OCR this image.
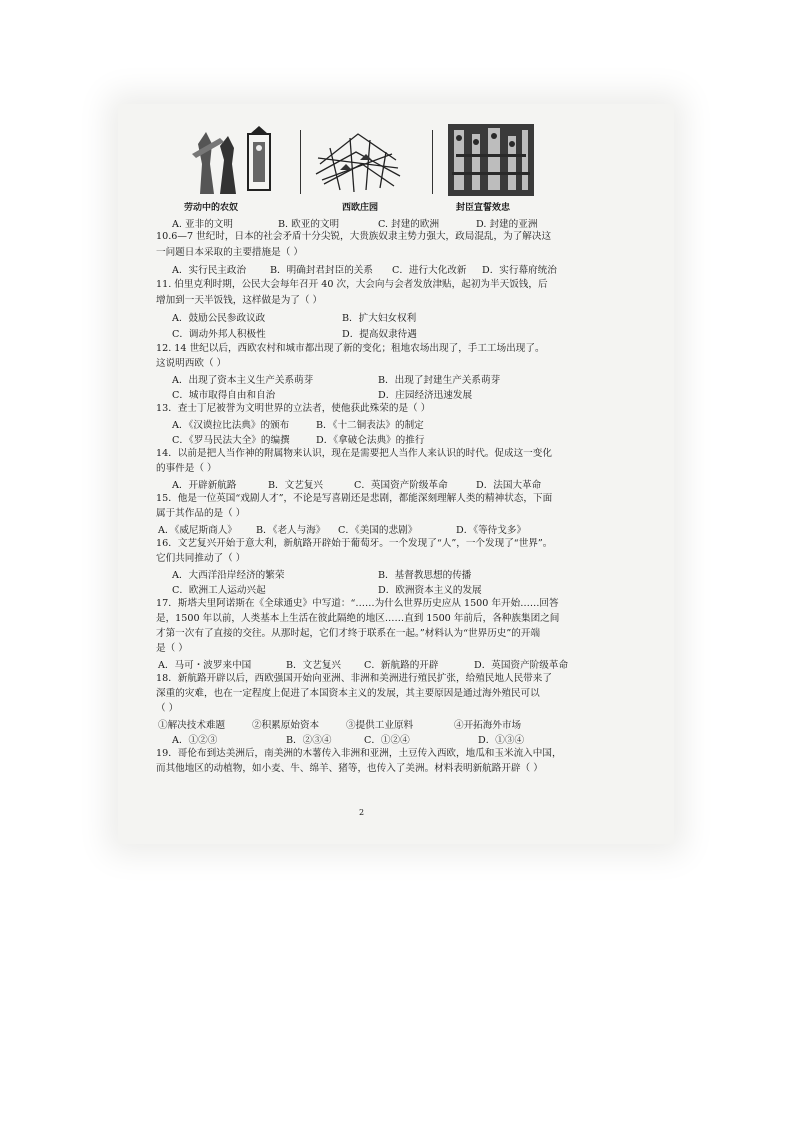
劳动中的农奴	西欧庄园	封臣宣誓效忠
A. 亚非的文明	B. 欧亚的文明	C. 封建的欧洲	D. 封建的亚洲
10.6—7 世纪时，日本的社会矛盾十分尖锐，大贵族奴隶主势力强大，政局混乱，为了解决这
一问题日本采取的主要措施是（ ）
A．实行民主政治 B．明确封君封臣的关系 C．进行大化改新 D．实行幕府统治
11. 伯里克利时期，公民大会每年召开 40 次，大会向与会者发放津贴，起初为半天饭钱，后
增加到一天半饭钱，这样做是为了（ ）
A．鼓励公民参政议政	B．扩大妇女权利
C．调动外邦人积极性	D．提高奴隶待遇
12. 14 世纪以后，西欧农村和城市都出现了新的变化；租地农场出现了，手工工场出现了。
这说明西欧（ ）
A．出现了资本主义生产关系萌芽	B．出现了封建生产关系萌芽
C．城市取得自由和自治	D．庄园经济迅速发展
13．查士丁尼被誉为文明世界的立法者，使他获此殊荣的是（ ）
A．《汉谟拉比法典》的颁布	B．《十二铜表法》的制定
C．《罗马民法大全》的编撰	D．《拿破仑法典》的推行
14．以前是把人当作神的附属物来认识，现在是需要把人当作人来认识的时代。促成这一变化
的事件是（ ）
A．开辟新航路	B．文艺复兴	C．英国资产阶级革命	D．法国大革命
15．他是一位英国“戏剧人才”，不论是写喜剧还是悲剧，都能深刻理解人类的精神状态，下面
属于其作品的是（ ）
A．《威尼斯商人》 B．《老人与海》 C．《美国的悲剧》	D．《等待戈多》
16．文艺复兴开始于意大利，新航路开辟始于葡萄牙。一个发现了“人”，一个发现了“世界”。
它们共同推动了（ ）
A．大西洋沿岸经济的繁荣	B．基督教思想的传播
C．欧洲工人运动兴起	D．欧洲资本主义的发展
17．斯塔夫里阿诺斯在《全球通史》中写道：“……为什么世界历史应从 1500 年开始……回答
是，1500 年以前，人类基本上生活在彼此隔绝的地区……直到 1500 年前后，各种族集团之间
才第一次有了直接的交往。从那时起，它们才终于联系在一起。”材料认为“世界历史”的开端
是（ ）
A．马可・波罗来中国	B．文艺复兴 C．新航路的开辟	D．英国资产阶级革命
18．新航路开辟以后，西欧强国开始向亚洲、非洲和美洲进行殖民扩张，给殖民地人民带来了
深重的灾难，也在一定程度上促进了本国资本主义的发展，其主要原因是通过海外殖民可以
（ ）
①解决技术难题	②积累原始资本	③提供工业原料	④开拓海外市场
A．①②③	B．②③④	C．①②④	D．①③④
19．哥伦布到达美洲后，南美洲的木薯传入非洲和亚洲，土豆传入西欧，地瓜和玉米流入中国，
而其他地区的动植物，如小麦、牛、绵羊、猪等，也传入了美洲。材料表明新航路开辟（ ）
2
